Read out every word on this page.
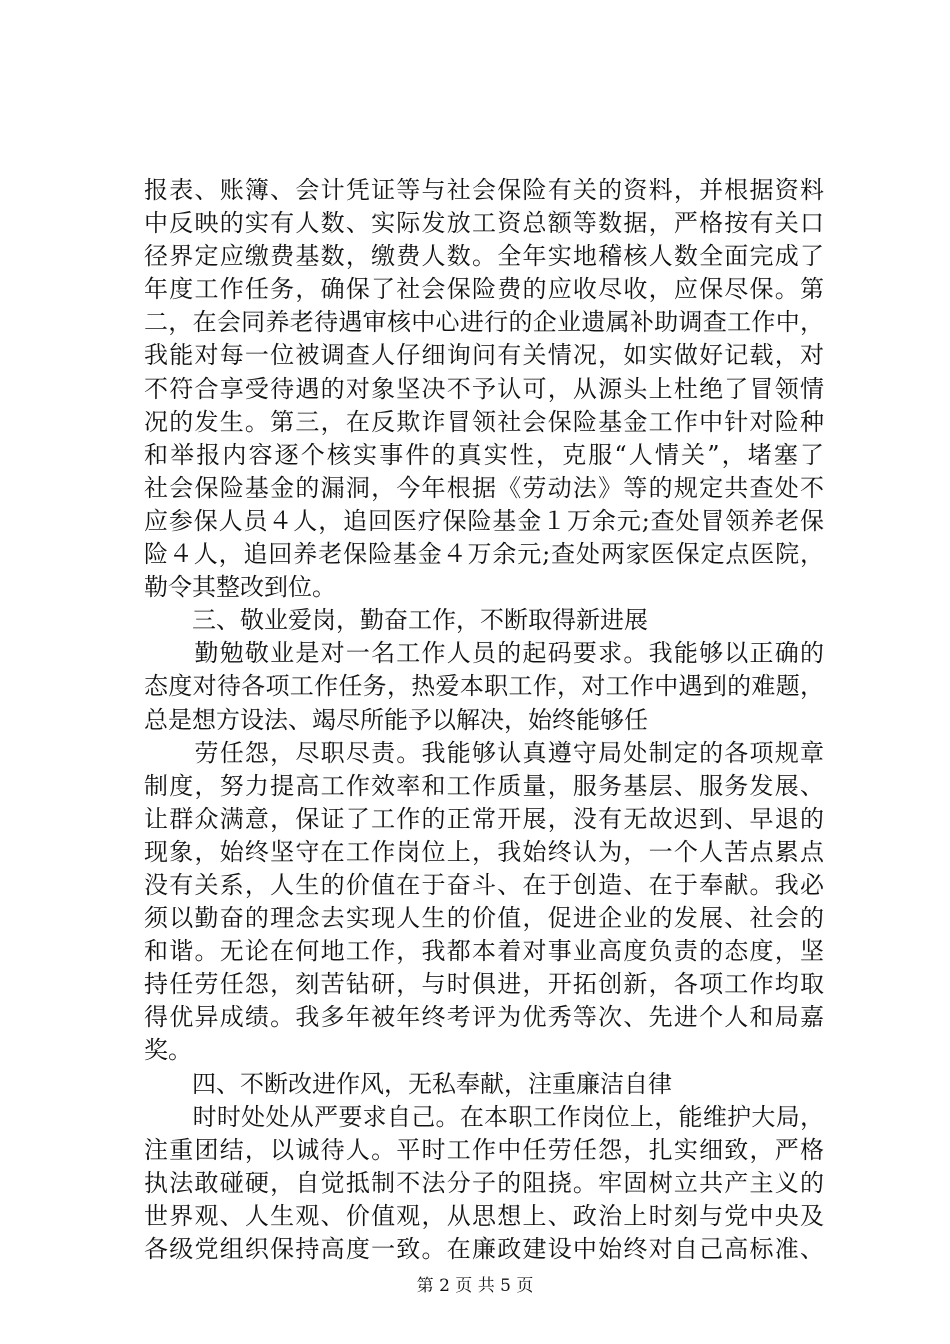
报表、账簿、会计凭证等与社会保险有关的资料，并根据资料
中反映的实有人数、实际发放工资总额等数据，严格按有关口
径界定应缴费基数，缴费人数。全年实地稽核人数全面完成了
年度工作任务，确保了社会保险费的应收尽收，应保尽保。第
二，在会同养老待遇审核中心进行的企业遗属补助调查工作中，
我能对每一位被调查人仔细询问有关情况，如实做好记载，对
不符合享受待遇的对象坚决不予认可，从源头上杜绝了冒领情
况的发生。第三，在反欺诈冒领社会保险基金工作中针对险种
和举报内容逐个核实事件的真实性，克服“人情关”，堵塞了
社会保险基金的漏洞，今年根据《劳动法》等的规定共查处不
应参保人员４人，追回医疗保险基金１万余元;查处冒领养老保
险４人，追回养老保险基金４万余元;查处两家医保定点医院，
勒令其整改到位。
　　三、敬业爱岗，勤奋工作，不断取得新进展
　　勤勉敬业是对一名工作人员的起码要求。我能够以正确的
态度对待各项工作任务，热爱本职工作，对工作中遇到的难题，
总是想方设法、竭尽所能予以解决，始终能够任
　　劳任怨，尽职尽责。我能够认真遵守局处制定的各项规章
制度，努力提高工作效率和工作质量，服务基层、服务发展、
让群众满意，保证了工作的正常开展，没有无故迟到、早退的
现象，始终坚守在工作岗位上，我始终认为，一个人苦点累点
没有关系，人生的价值在于奋斗、在于创造、在于奉献。我必
须以勤奋的理念去实现人生的价值，促进企业的发展、社会的
和谐。无论在何地工作，我都本着对事业高度负责的态度，坚
持任劳任怨，刻苦钻研，与时俱进，开拓创新，各项工作均取
得优异成绩。我多年被年终考评为优秀等次、先进个人和局嘉
奖。
　　四、不断改进作风，无私奉献，注重廉洁自律
　　时时处处从严要求自己。在本职工作岗位上，能维护大局，
注重团结，以诚待人。平时工作中任劳任怨，扎实细致，严格
执法敢碰硬，自觉抵制不法分子的阻挠。牢固树立共产主义的
世界观、人生观、价值观，从思想上、政治上时刻与党中央及
各级党组织保持高度一致。在廉政建设中始终对自己高标准、
第 2 页 共 5 页
